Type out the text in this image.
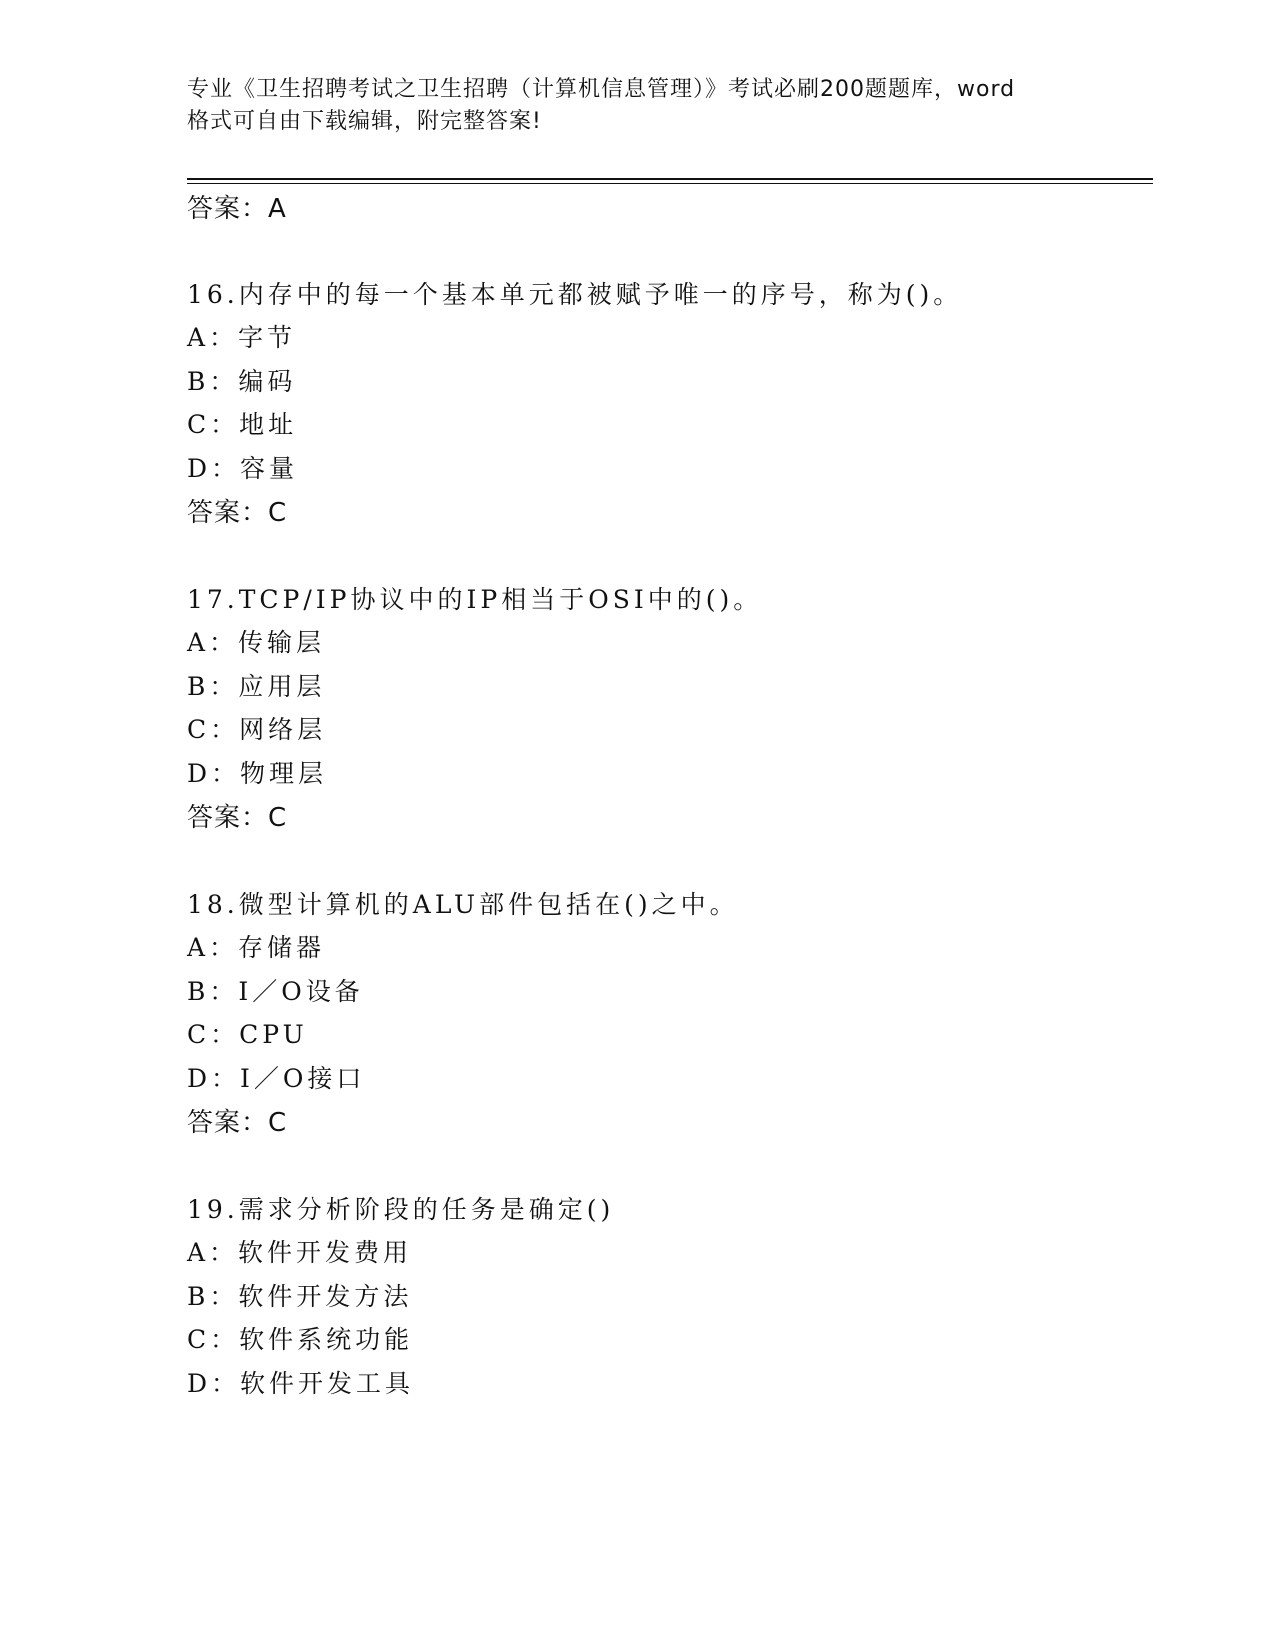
专业《卫生招聘考试之卫生招聘（计算机信息管理）》考试必刷200题题库，word
格式可自由下载编辑，附完整答案!
答案：A
16.内存中的每一个基本单元都被赋予唯一的序号，称为()。
A：字节
B：编码
C：地址
D：容量
答案：C
17.TCP/IP协议中的IP相当于OSI中的()。
A：传输层
B：应用层
C：网络层
D：物理层
答案：C
18.微型计算机的ALU部件包括在()之中。
A：存储器
B：I／O设备
C：CPU
D：I／O接口
答案：C
19.需求分析阶段的任务是确定()
A：软件开发费用
B：软件开发方法
C：软件系统功能
D：软件开发工具
